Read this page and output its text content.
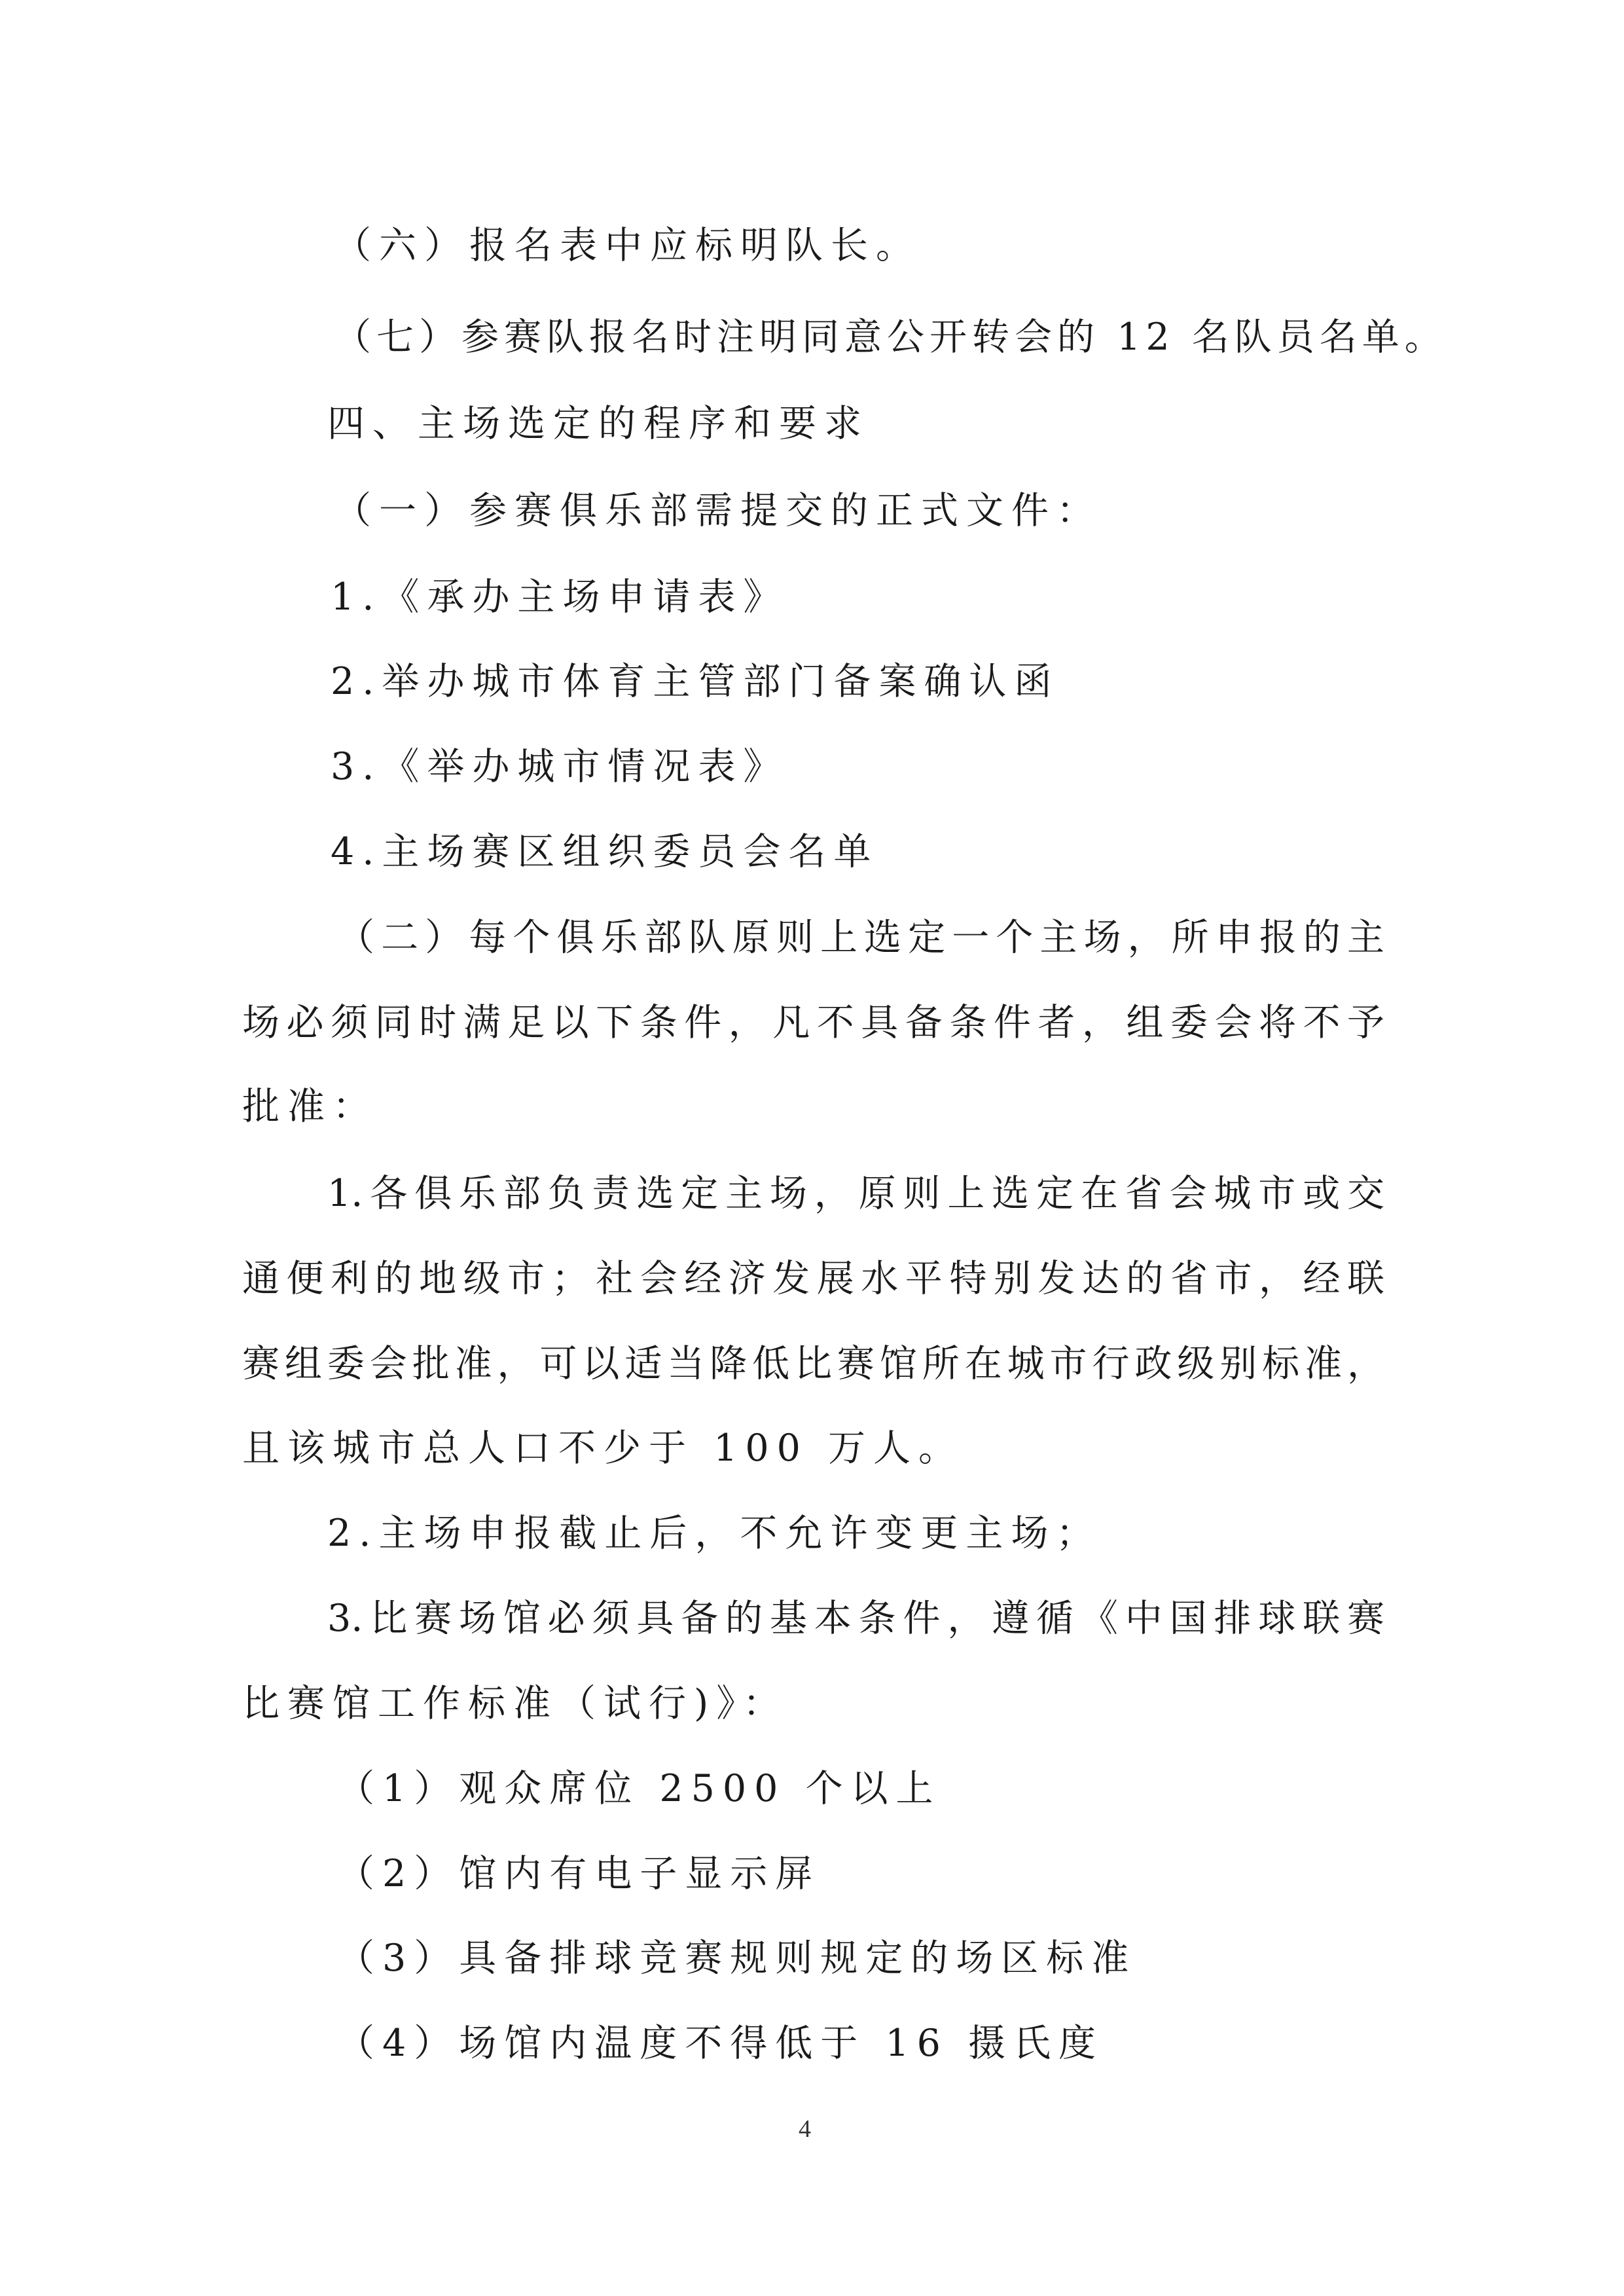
（六）报名表中应标明队长。
（七）参赛队报名时注明同意公开转会的 12 名队员名单。
四、主场选定的程序和要求
（一）参赛俱乐部需提交的正式文件：
1.《承办主场申请表》
2.举办城市体育主管部门备案确认函
3.《举办城市情况表》
4.主场赛区组织委员会名单
（二）每个俱乐部队原则上选定一个主场，所申报的主
场必须同时满足以下条件，凡不具备条件者，组委会将不予
批准：
1.各俱乐部负责选定主场，原则上选定在省会城市或交
通便利的地级市；社会经济发展水平特别发达的省市，经联
赛组委会批准，可以适当降低比赛馆所在城市行政级别标准，
且该城市总人口不少于 100 万人。
2.主场申报截止后，不允许变更主场；
3.比赛场馆必须具备的基本条件，遵循《中国排球联赛
比赛馆工作标准（试行)》：
（1）观众席位 2500 个以上
（2）馆内有电子显示屏
（3）具备排球竞赛规则规定的场区标准
（4）场馆内温度不得低于 16 摄氏度
4
